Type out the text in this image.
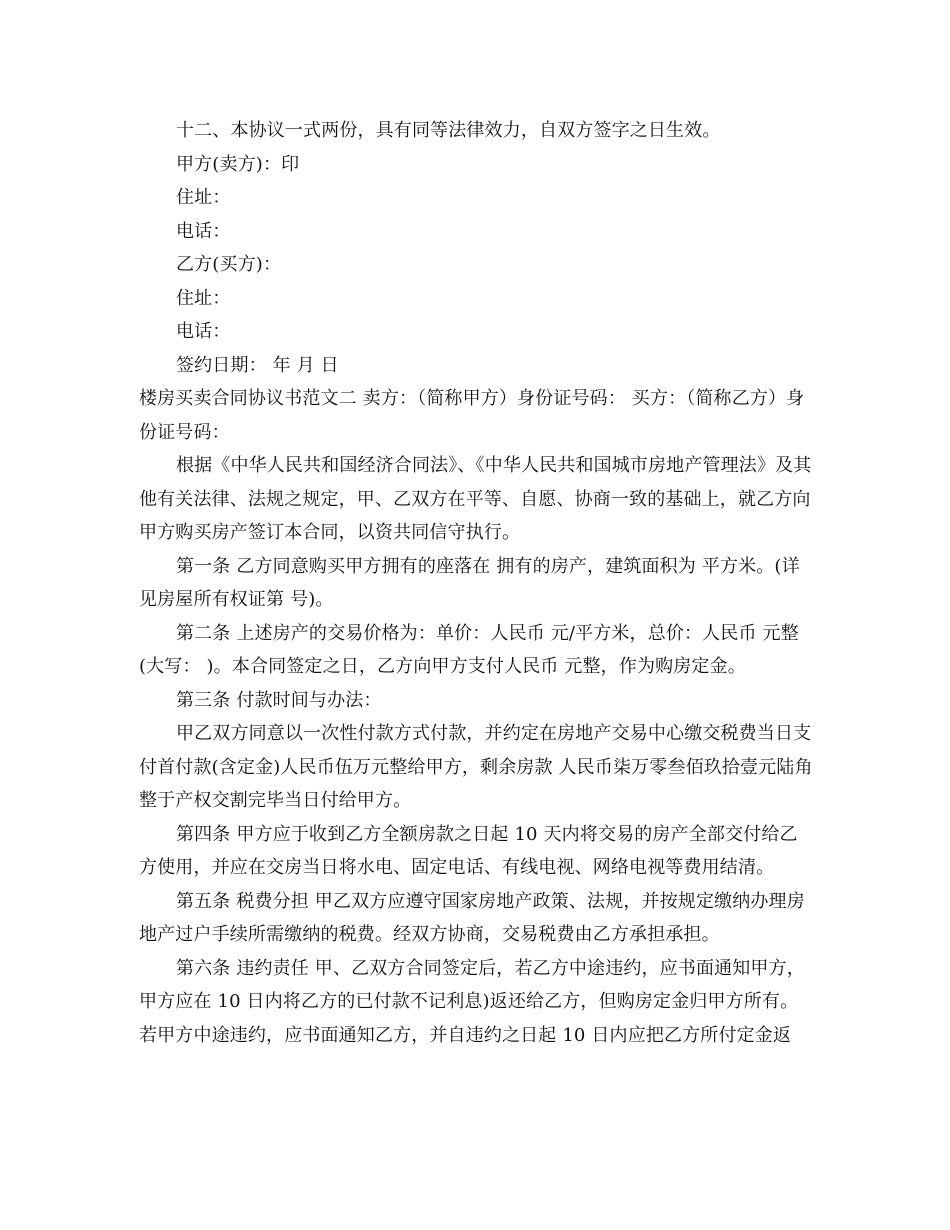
十二、本协议一式两份，具有同等法律效力，自双方签字之日生效。

甲方(卖方)：印

住址：

电话：

乙方(买方)：

住址：

电话：

签约日期： 年 月 日

楼房买卖合同协议书范文二 卖方：（简称甲方）身份证号码： 买方：（简称乙方）身份证号码：

根据《中华人民共和国经济合同法》、《中华人民共和国城市房地产管理法》及其他有关法律、法规之规定，甲、乙双方在平等、自愿、协商一致的基础上，就乙方向甲方购买房产签订本合同，以资共同信守执行。

第一条 乙方同意购买甲方拥有的座落在 拥有的房产，建筑面积为 平方米。(详见房屋所有权证第 号)。

第二条 上述房产的交易价格为：单价：人民币 元/平方米，总价：人民币 元整(大写： )。本合同签定之日，乙方向甲方支付人民币 元整，作为购房定金。

第三条 付款时间与办法：

甲乙双方同意以一次性付款方式付款，并约定在房地产交易中心缴交税费当日支付首付款(含定金)人民币伍万元整给甲方，剩余房款 人民币柒万零叁佰玖拾壹元陆角整于产权交割完毕当日付给甲方。

第四条 甲方应于收到乙方全额房款之日起 10 天内将交易的房产全部交付给乙方使用，并应在交房当日将水电、固定电话、有线电视、网络电视等费用结清。

第五条 税费分担 甲乙双方应遵守国家房地产政策、法规，并按规定缴纳办理房地产过户手续所需缴纳的税费。经双方协商，交易税费由乙方承担承担。

第六条 违约责任 甲、乙双方合同签定后，若乙方中途违约，应书面通知甲方，甲方应在 10 日内将乙方的已付款不记利息)返还给乙方，但购房定金归甲方所有。若甲方中途违约，应书面通知乙方，并自违约之日起 10 日内应把乙方所付定金返
